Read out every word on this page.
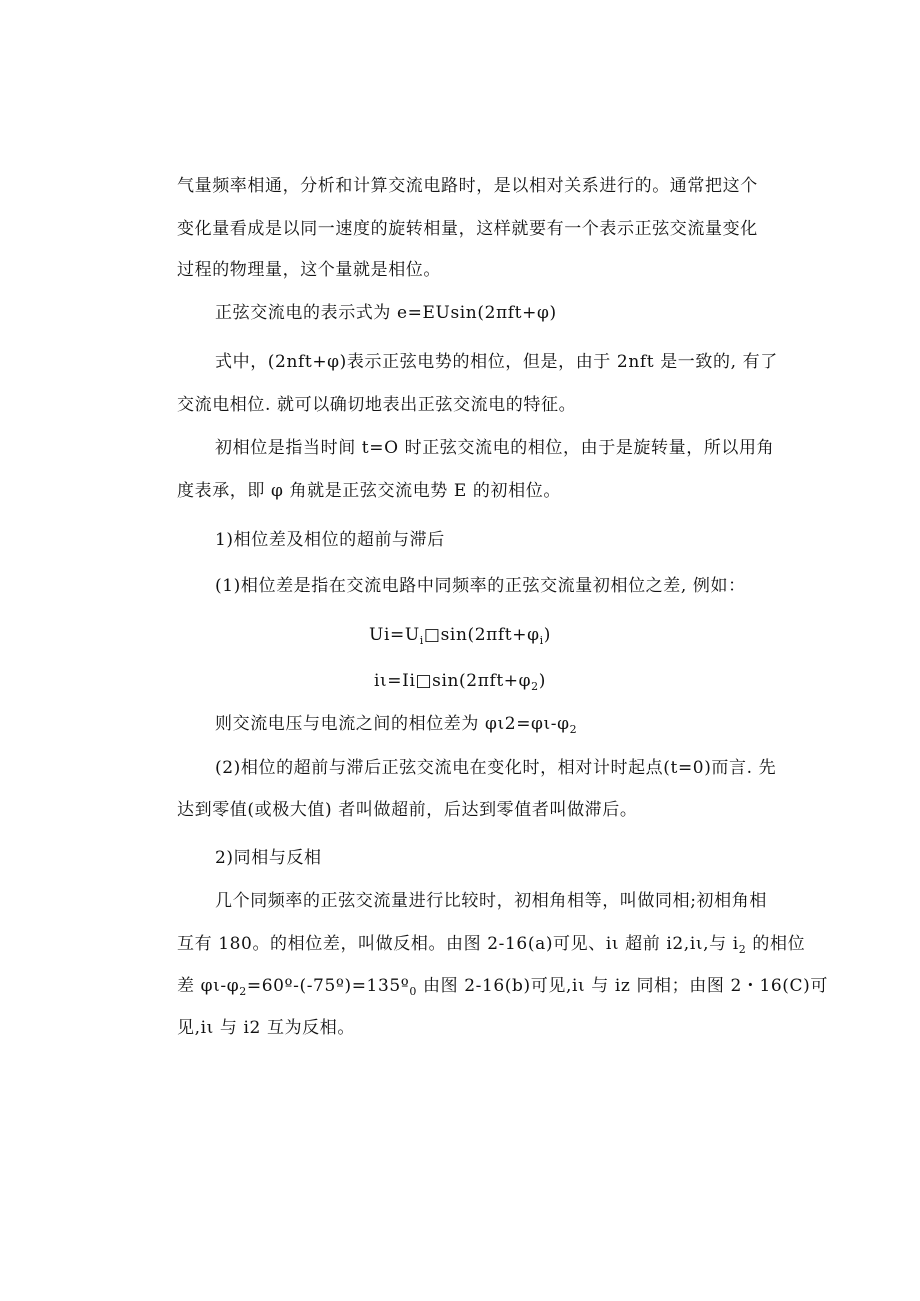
气量频率相通，分析和计算交流电路时，是以相对关系进行的。通常把这个
变化量看成是以同一速度的旋转相量，这样就要有一个表示正弦交流量变化
过程的物理量，这个量就是相位。
正弦交流电的表示式为 e=EUsin(2πft+φ)
式中，(2nft+φ)表示正弦电势的相位，但是，由于 2nft 是一致的, 有了
交流电相位. 就可以确切地表出正弦交流电的特征。
初相位是指当时间 t=O 时正弦交流电的相位，由于是旋转量，所以用角
度表承，即 φ 角就是正弦交流电势 E 的初相位。
1)相位差及相位的超前与滞后
(1)相位差是指在交流电路中同频率的正弦交流量初相位之差, 例如：
$Ui=U_i□\sin(2\pi ft+\varphi_i)$
$i\iota=Ii□\sin(2\pi ft+\varphi_2)$
则交流电压与电流之间的相位差为 $\varphi\iota 2=\varphi\iota-\varphi_2$
(2)相位的超前与滞后正弦交流电在变化时，相对计时起点(t=0)而言. 先
达到零值(或极大值) 者叫做超前，后达到零值者叫做滞后。
2)同相与反相
几个同频率的正弦交流量进行比较时，初相角相等，叫做同相;初相角相
互有 180。的相位差，叫做反相。由图 2-16(a)可见、iι 超前 i2,iι,与 $i_2$ 的相位
差 $\varphi\iota-\varphi_2=60º-(-75º)=135º_0$ 由图 2-16(b)可见,iι 与 iz 同相；由图 2・16(C)可
见,iι 与 i2 互为反相。
